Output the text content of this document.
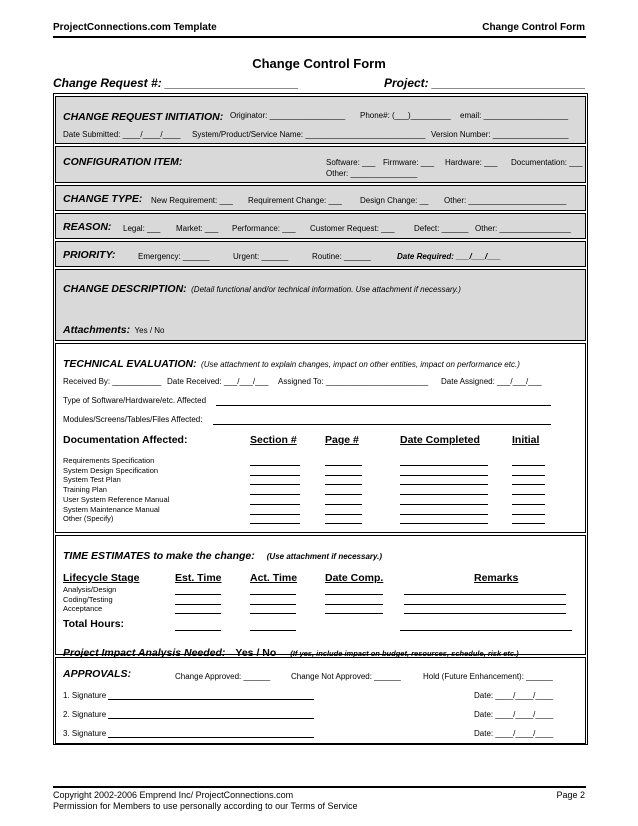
ProjectConnections.com Template	Change Control Form
Change Control Form
Change Request #: ____________________	Project: _______________________
CHANGE REQUEST INITIATION: Originator: _________________ Phone#: (___)_________ email: ___________________
Date Submitted: ____/____/____ System/Product/Service Name: ___________________________ Version Number: _________________
CONFIGURATION ITEM:	Software: ___ Firmware: ___ Hardware: ___ Documentation: ___
Other: _______________
CHANGE TYPE: New Requirement: ___ Requirement Change: ___ Design Change: __ Other: ______________________
REASON: Legal: ___ Market: ___ Performance: ___ Customer Request: ___ Defect: ______ Other: ________________
PRIORITY:	Emergency: ______	Urgent: ______	Routine: ______	Date Required: ___/___/___
CHANGE DESCRIPTION: (Detail functional and/or technical information. Use attachment if necessary.)
Attachments: Yes / No
TECHNICAL EVALUATION: (Use attachment to explain changes, impact on other entities, impact on performance etc.)
Received By: ___________ Date Received: ___/___/___ Assigned To: _______________________ Date Assigned: ___/___/___
Type of Software/Hardware/etc. Affected
Modules/Screens/Tables/Files Affected:
Documentation Affected:	Section #	Page #	Date Completed	Initial
Requirements Specification
System Design Specification
System Test Plan
Training Plan
User System Reference Manual
System Maintenance Manual
Other (Specify)
TIME ESTIMATES to make the change: (Use attachment if necessary.)
Lifecycle Stage	Est. Time	Act. Time	Date Comp.	Remarks
Analysis/Design
Coding/Testing
Acceptance
Total Hours:
Project Impact Analysis Needed: Yes / No (If yes, include impact on budget, resources, schedule, risk etc.)
APPROVALS:	Change Approved: ______	Change Not Approved: ______	Hold (Future Enhancement): ______
1. Signature	Date: ____/____/____
2. Signature	Date: ____/____/____
3. Signature	Date: ____/____/____
Copyright 2002-2006 Emprend Inc/ ProjectConnections.com	Page 2
Permission for Members to use personally according to our Terms of Service
